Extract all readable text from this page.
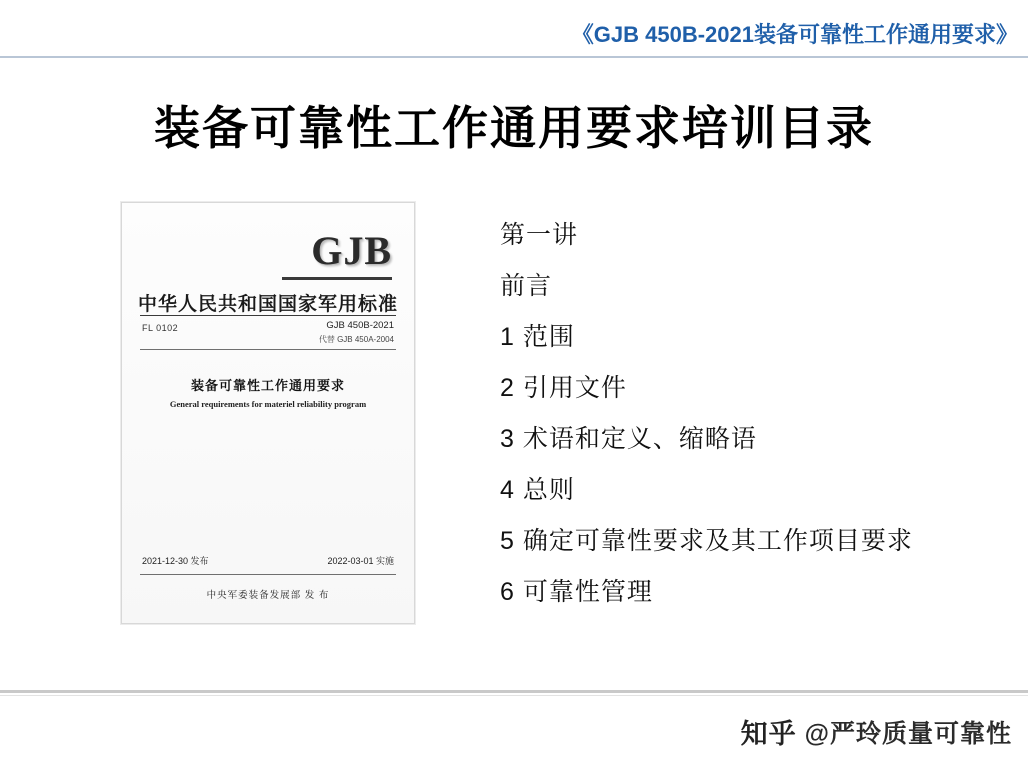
《GJB 450B-2021装备可靠性工作通用要求》
装备可靠性工作通用要求培训目录
GJB
中华人民共和国国家军用标准
FL 0102	GJB 450B-2021
代替 GJB 450A-2004
装备可靠性工作通用要求
General requirements for materiel reliability program
2021-12-30 发布	2022-03-01 实施
中央军委装备发展部 发 布
第一讲
前言
1 范围
2 引用文件
3 术语和定义、缩略语
4 总则
5 确定可靠性要求及其工作项目要求
6 可靠性管理
知乎 @严玲质量可靠性
